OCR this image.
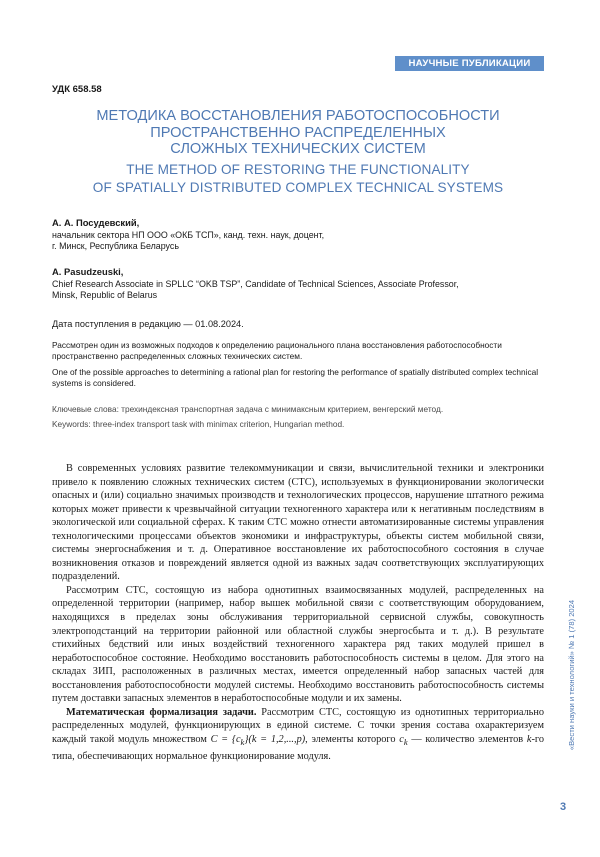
НАУЧНЫЕ ПУБЛИКАЦИИ
УДК 658.58
МЕТОДИКА ВОССТАНОВЛЕНИЯ РАБОТОСПОСОБНОСТИ
ПРОСТРАНСТВЕННО РАСПРЕДЕЛЕННЫХ
СЛОЖНЫХ ТЕХНИЧЕСКИХ СИСТЕМ
THE METHOD OF RESTORING THE FUNCTIONALITY
OF SPATIALLY DISTRIBUTED COMPLEX TECHNICAL SYSTEMS
А. А. Посудевский,
начальник сектора НП ООО «ОКБ ТСП», канд. техн. наук, доцент,
г. Минск, Республика Беларусь
A. Pasudzeuski,
Chief Research Associate in SPLLC “OKB TSP”, Candidate of Technical Sciences, Associate Professor,
Minsk, Republic of Belarus
Дата поступления в редакцию — 01.08.2024.
Рассмотрен один из возможных подходов к определению рационального плана восстановления работоспособности пространственно распределенных сложных технических систем.
One of the possible approaches to determining a rational plan for restoring the performance of spatially distributed complex technical systems is considered.
Ключевые слова: трехиндексная транспортная задача с минимаксным критерием, венгерский метод.
Keywords: three-index transport task with minimax criterion, Hungarian method.

В современных условиях развитие телекоммуникации и связи, вычислительной техники и электроники привело к появлению сложных технических систем (СТС), используемых в функционировании экологически опасных и (или) социально значимых производств и технологических процессов, нарушение штатного режима которых может привести к чрезвычайной ситуации техногенного характера или к негативным последствиям в экологической или социальной сферах. К таким СТС можно отнести автоматизированные системы управления технологическими процессами объектов экономики и инфраструктуры, объекты систем мобильной связи, системы энергоснабжения и т. д. Оперативное восстановление их работоспособного состояния в случае возникновения отказов и повреждений является одной из важных задач соответствующих эксплуатирующих подразделений.

Рассмотрим СТС, состоящую из набора однотипных взаимосвязанных модулей, распределенных на определенной территории (например, набор вышек мобильной связи с соответствующим оборудованием, находящихся в пределах зоны обслуживания территориальной сервисной службы, совокупность электроподстанций на территории районной или областной службы энергосбыта и т. д.). В результате стихийных бедствий или иных воздействий техногенного характера ряд таких модулей пришел в неработоспособное состояние. Необходимо восстановить работоспособность системы в целом. Для этого на складах ЗИП, расположенных в различных местах, имеется определенный набор запасных частей для восстановления работоспособности модулей системы. Необходимо восстановить работоспособность системы путем доставки запасных элементов в неработоспособные модули и их замены.

Математическая формализация задачи. Рассмотрим СТС, состоящую из однотипных территориально распределенных модулей, функционирующих в единой системе. С точки зрения состава охарактеризуем каждый такой модуль множеством $C = \{c_k\}(k = 1,2,...,p)$, элементы которого $c_k$ — количество элементов k-го типа, обеспечивающих нормальное функционирование модуля.

«Вести науки и технологий» № 1 (78) 2024
3
